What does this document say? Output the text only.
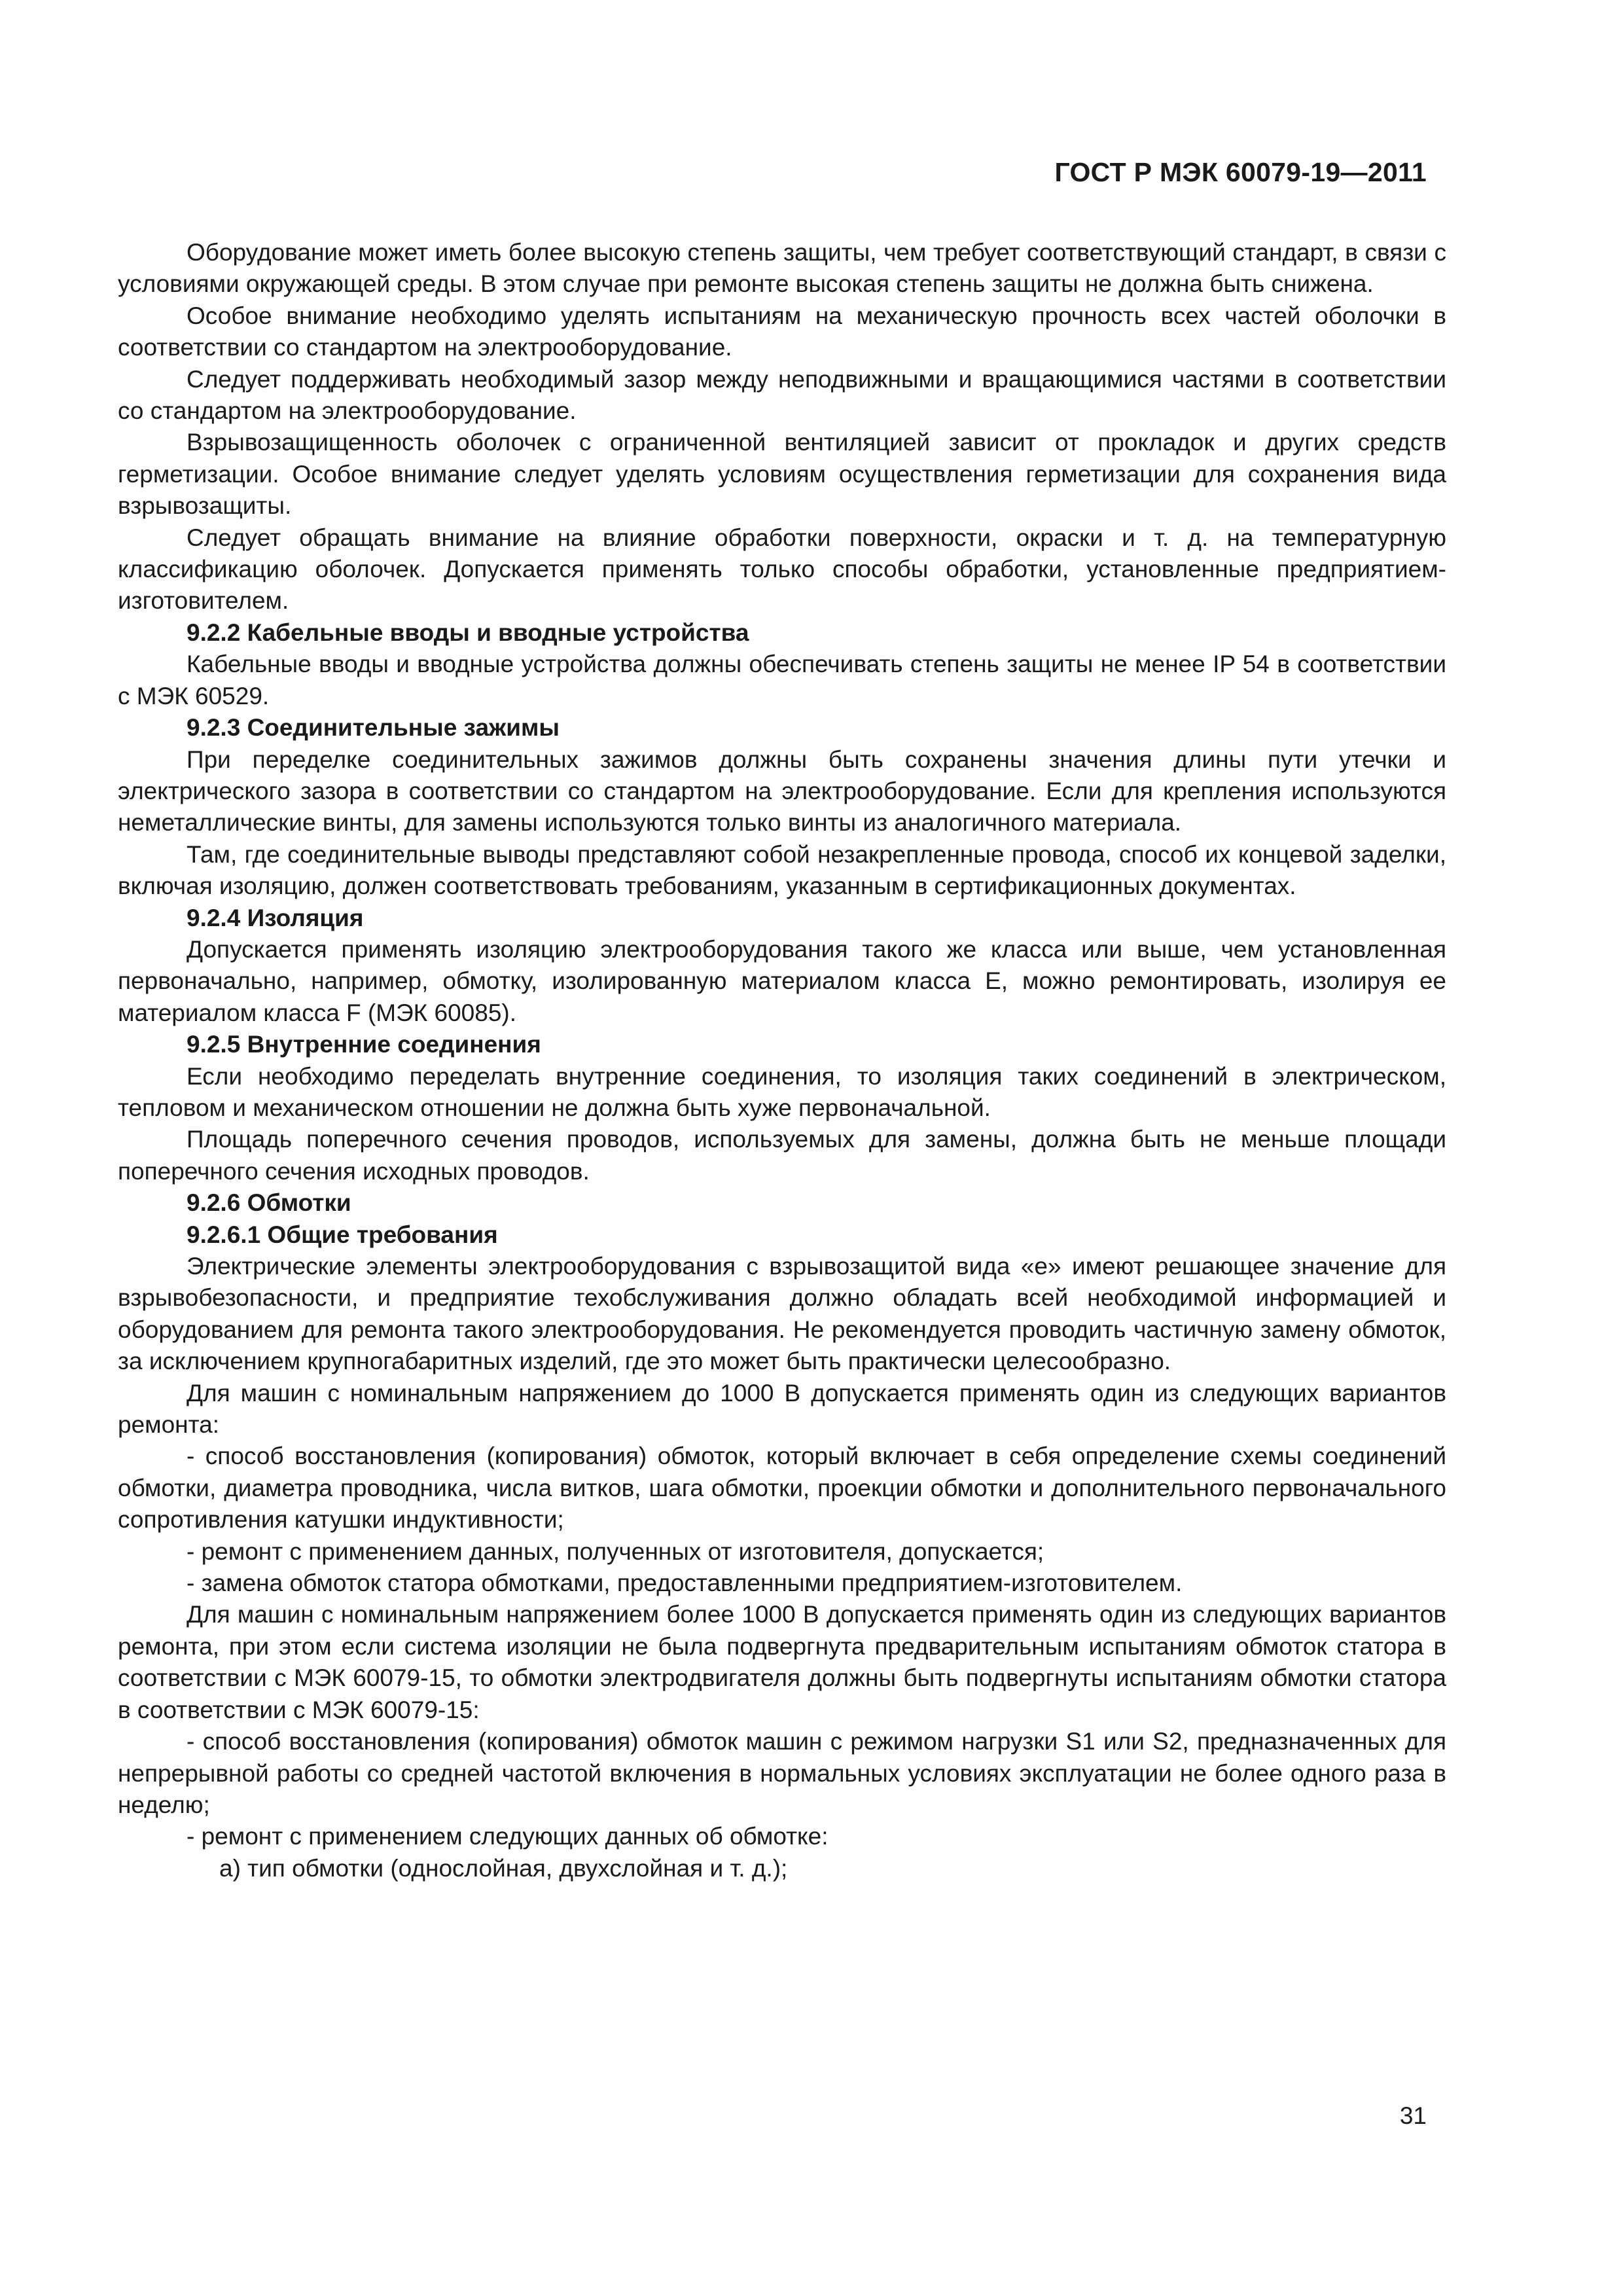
ГОСТ Р МЭК 60079-19—2011

Оборудование может иметь более высокую степень защиты, чем требует соответствующий стандарт, в связи с условиями окружающей среды. В этом случае при ремонте высокая степень защиты не должна быть снижена.

Особое внимание необходимо уделять испытаниям на механическую прочность всех частей оболочки в соответствии со стандартом на электрооборудование.

Следует поддерживать необходимый зазор между неподвижными и вращающимися частями в соответствии со стандартом на электрооборудование.

Взрывозащищенность оболочек с ограниченной вентиляцией зависит от прокладок и других средств герметизации. Особое внимание следует уделять условиям осуществления герметизации для сохранения вида взрывозащиты.

Следует обращать внимание на влияние обработки поверхности, окраски и т. д. на температурную классификацию оболочек. Допускается применять только способы обработки, установленные предприятием-изготовителем.

9.2.2 Кабельные вводы и вводные устройства

Кабельные вводы и вводные устройства должны обеспечивать степень защиты не менее IP 54 в соответствии с МЭК 60529.

9.2.3 Соединительные зажимы

При переделке соединительных зажимов должны быть сохранены значения длины пути утечки и электрического зазора в соответствии со стандартом на электрооборудование. Если для крепления используются неметаллические винты, для замены используются только винты из аналогичного материала.

Там, где соединительные выводы представляют собой незакрепленные провода, способ их концевой заделки, включая изоляцию, должен соответствовать требованиям, указанным в сертификационных документах.

9.2.4 Изоляция

Допускается применять изоляцию электрооборудования такого же класса или выше, чем установленная первоначально, например, обмотку, изолированную материалом класса Е, можно ремонтировать, изолируя ее материалом класса F (МЭК 60085).

9.2.5 Внутренние соединения

Если необходимо переделать внутренние соединения, то изоляция таких соединений в электрическом, тепловом и механическом отношении не должна быть хуже первоначальной.

Площадь поперечного сечения проводов, используемых для замены, должна быть не меньше площади поперечного сечения исходных проводов.

9.2.6 Обмотки

9.2.6.1 Общие требования

Электрические элементы электрооборудования с взрывозащитой вида «е» имеют решающее значение для взрывобезопасности, и предприятие техобслуживания должно обладать всей необходимой информацией и оборудованием для ремонта такого электрооборудования. Не рекомендуется проводить частичную замену обмоток, за исключением крупногабаритных изделий, где это может быть практически целесообразно.

Для машин с номинальным напряжением до 1000 В допускается применять один из следующих вариантов ремонта:

- способ восстановления (копирования) обмоток, который включает в себя определение схемы соединений обмотки, диаметра проводника, числа витков, шага обмотки, проекции обмотки и дополнительного первоначального сопротивления катушки индуктивности;

- ремонт с применением данных, полученных от изготовителя, допускается;

- замена обмоток статора обмотками, предоставленными предприятием-изготовителем.

Для машин с номинальным напряжением более 1000 В допускается применять один из следующих вариантов ремонта, при этом если система изоляции не была подвергнута предварительным испытаниям обмоток статора в соответствии с МЭК 60079-15, то обмотки электродвигателя должны быть подвергнуты испытаниям обмотки статора в соответствии с МЭК 60079-15:

- способ восстановления (копирования) обмоток машин с режимом нагрузки S1 или S2, предназначенных для непрерывной работы со средней частотой включения в нормальных условиях эксплуатации не более одного раза в неделю;

- ремонт с применением следующих данных об обмотке:

а) тип обмотки (однослойная, двухслойная и т. д.);

31
